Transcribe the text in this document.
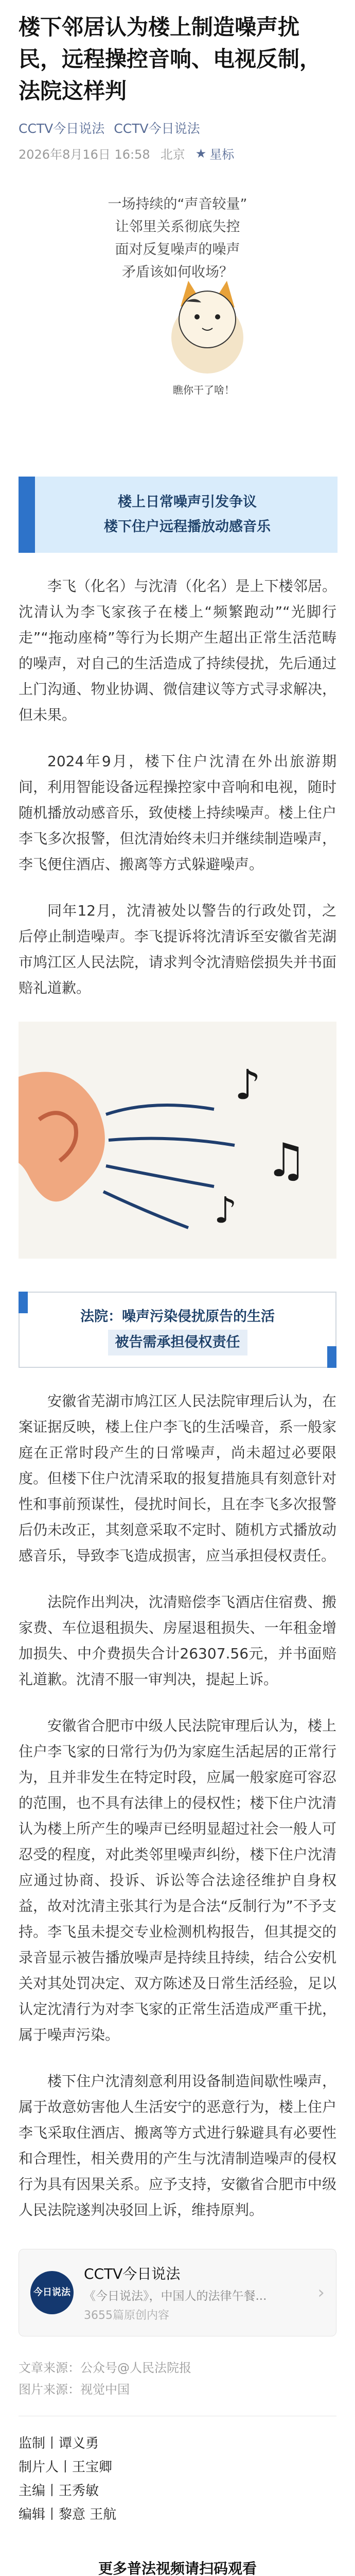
楼下邻居认为楼上制造噪声扰民，远程操控音响、电视反制，法院这样判
CCTV今日说法 CCTV今日说法
2026年8月16日 16:58 北京 ★ 星标

一场持续的“声音较量”

让邻里关系彻底失控

面对反复噪声的噪声

矛盾该如何收场？

瞧你干了啥！

楼上日常噪声引发争议

楼下住户远程播放动感音乐

李飞（化名）与沈清（化名）是上下楼邻居。沈清认为李飞家孩子在楼上“频繁跑动”“光脚行走”“拖动座椅”等行为长期产生超出正常生活范畴的噪声，对自己的生活造成了持续侵扰，先后通过上门沟通、物业协调、微信建议等方式寻求解决，但未果。

2024年9月，楼下住户沈清在外出旅游期间，利用智能设备远程操控家中音响和电视，随时随机播放动感音乐，致使楼上持续噪声。楼上住户李飞多次报警，但沈清始终未归并继续制造噪声，李飞便住酒店、搬离等方式躲避噪声。

同年12月，沈清被处以警告的行政处罚，之后停止制造噪声。李飞提诉将沈清诉至安徽省芜湖市鸠江区人民法院，请求判令沈清赔偿损失并书面赔礼道歉。

♪
♫
♪

法院：噪声污染侵扰原告的生活

被告需承担侵权责任

安徽省芜湖市鸠江区人民法院审理后认为，在案证据反映，楼上住户李飞的生活噪音，系一般家庭在正常时段产生的日常噪声，尚未超过必要限度。但楼下住户沈清采取的报复措施具有刻意针对性和事前预谋性，侵扰时间长，且在李飞多次报警后仍未改正，其刻意采取不定时、随机方式播放动感音乐，导致李飞造成损害，应当承担侵权责任。

法院作出判决，沈清赔偿李飞酒店住宿费、搬家费、车位退租损失、房屋退租损失、一年租金增加损失、中介费损失合计26307.56元，并书面赔礼道歉。沈清不服一审判决，提起上诉。

安徽省合肥市中级人民法院审理后认为，楼上住户李飞家的日常行为仍为家庭生活起居的正常行为，且并非发生在特定时段，应属一般家庭可容忍的范围，也不具有法律上的侵权性；楼下住户沈清认为楼上所产生的噪声已经明显超过社会一般人可忍受的程度，对此类邻里噪声纠纷，楼下住户沈清应通过协商、投诉、诉讼等合法途径维护自身权益，故对沈清主张其行为是合法“反制行为”不予支持。李飞虽未提交专业检测机构报告，但其提交的录音显示被告播放噪声是持续且持续，结合公安机关对其处罚决定、双方陈述及日常生活经验，足以认定沈清行为对李飞家的正常生活造成严重干扰，属于噪声污染。

楼下住户沈清刻意利用设备制造间歇性噪声，属于故意妨害他人生活安宁的恶意行为，楼上住户李飞采取住酒店、搬离等方式进行躲避具有必要性和合理性，相关费用的产生与沈清制造噪声的侵权行为具有因果关系。应予支持，安徽省合肥市中级人民法院遂判决驳回上诉，维持原判。

今日说法
CCTV今日说法
《今日说法》，中国人的法律午餐...
3655篇原创内容
›

文章来源：公众号@人民法院报

图片来源：视觉中国

监制丨谭义勇

制片人丨王宝卿

主编丨王秀敏

编辑丨黎意 王航

更多普法视频请扫码观看
